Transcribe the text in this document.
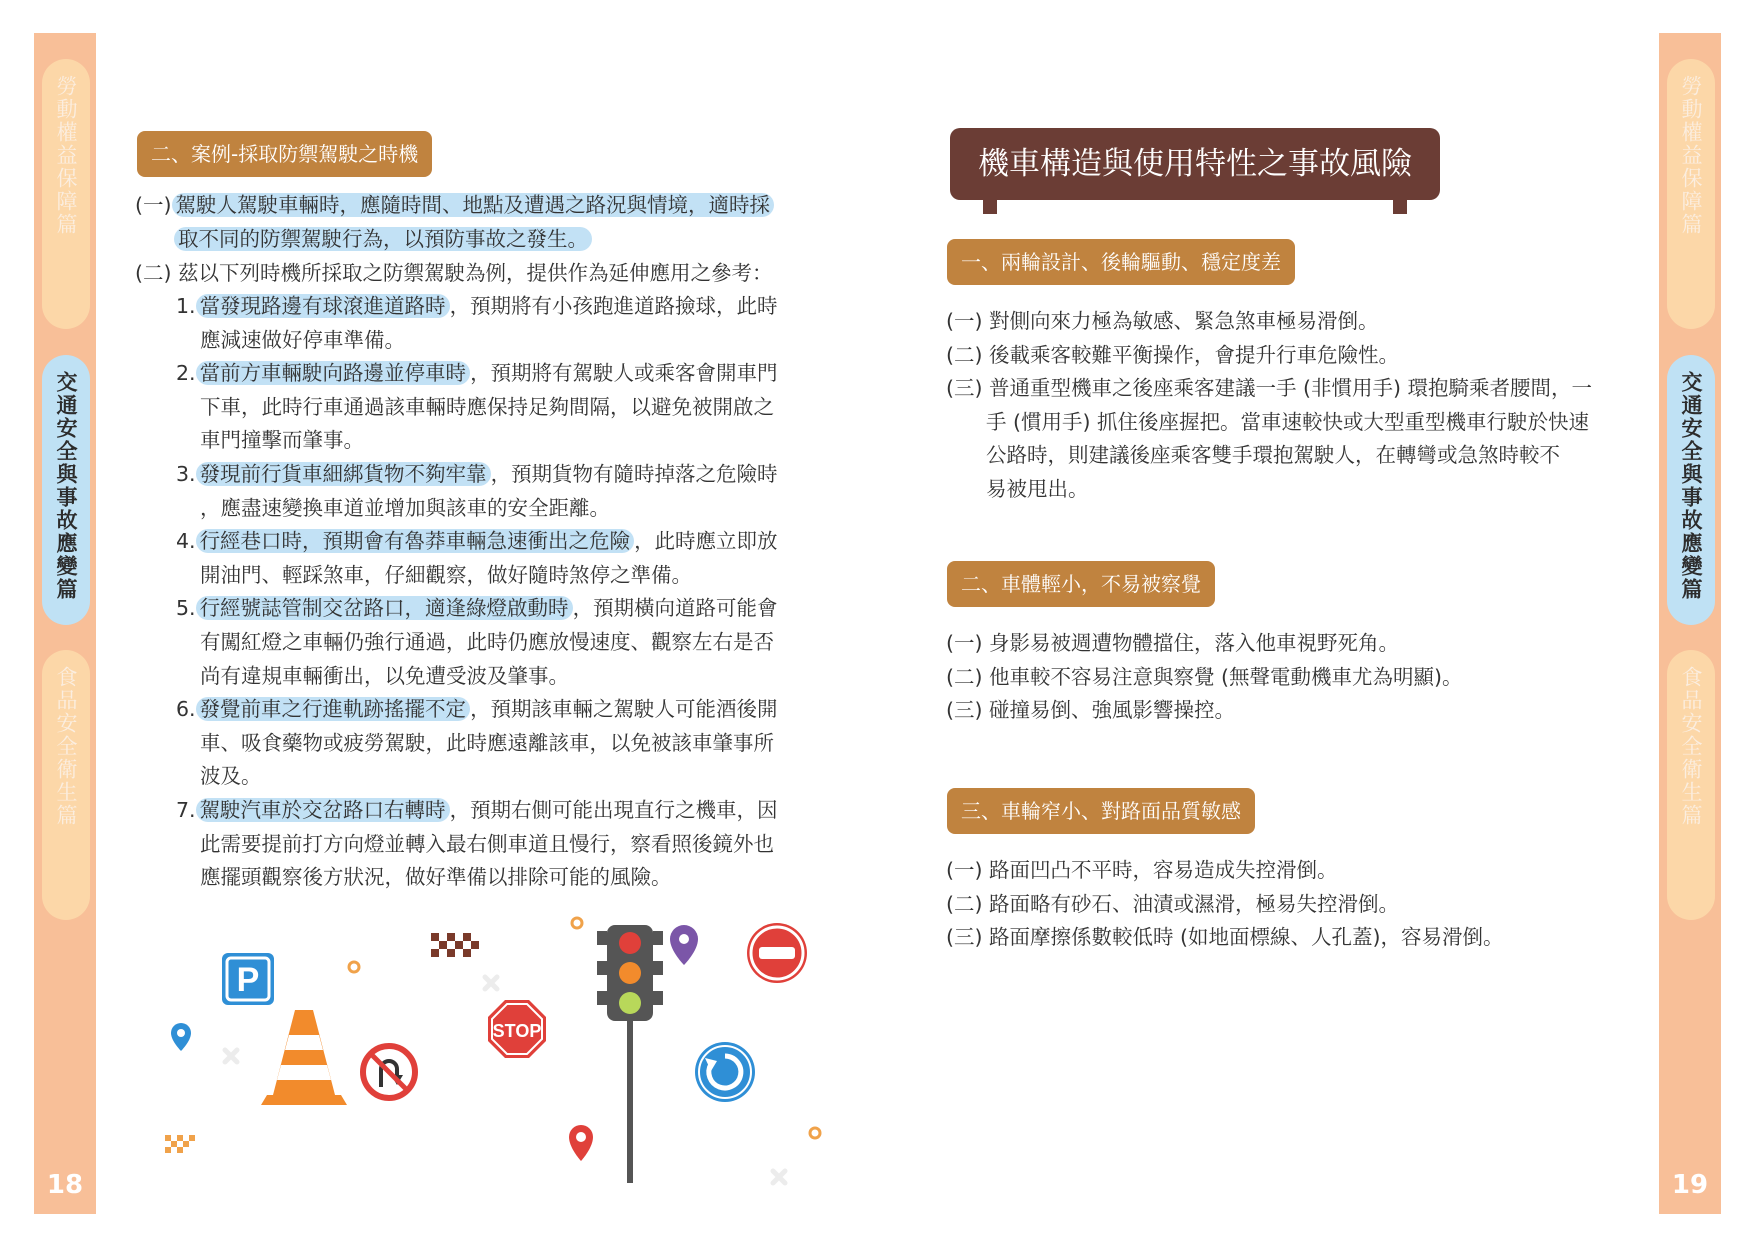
勞動權益保障篇
交通安全與事故應變篇
食品安全衛生篇
18
勞動權益保障篇
交通安全與事故應變篇
食品安全衛生篇
19
二、案例-採取防禦駕駛之時機
(一) 駕駛人駕駛車輛時，應隨時間、地點及遭遇之路況與情境，適時採
取不同的防禦駕駛行為，以預防事故之發生。
(二) 茲以下列時機所採取之防禦駕駛為例，提供作為延伸應用之參考：
1. 當發現路邊有球滾進道路時 ，預期將有小孩跑進道路撿球，此時
應減速做好停車準備。
2. 當前方車輛駛向路邊並停車時 ，預期將有駕駛人或乘客會開車門
下車，此時行車通過該車輛時應保持足夠間隔，以避免被開啟之
車門撞擊而肇事。
3. 發現前行貨車細綁貨物不夠牢靠 ，預期貨物有隨時掉落之危險時
，應盡速變換車道並增加與該車的安全距離。
4. 行經巷口時，預期會有魯莽車輛急速衝出之危險 ，此時應立即放
開油門、輕踩煞車，仔細觀察，做好隨時煞停之準備。
5. 行經號誌管制交岔路口，適逢綠燈啟動時 ，預期橫向道路可能會
有闖紅燈之車輛仍強行通過，此時仍應放慢速度、觀察左右是否
尚有違規車輛衝出，以免遭受波及肇事。
6. 發覺前車之行進軌跡搖擺不定 ，預期該車輛之駕駛人可能酒後開
車、吸食藥物或疲勞駕駛，此時應遠離該車，以免被該車肇事所
波及。
7. 駕駛汽車於交岔路口右轉時 ，預期右側可能出現直行之機車，因
此需要提前打方向燈並轉入最右側車道且慢行，察看照後鏡外也
應擺頭觀察後方狀況，做好準備以排除可能的風險。
P
STOP
機車構造與使用特性之事故風險
一、兩輪設計、後輪驅動、穩定度差
(一) 對側向來力極為敏感、緊急煞車極易滑倒。
(二) 後載乘客較難平衡操作，會提升行車危險性。
(三) 普通重型機車之後座乘客建議一手 (非慣用手) 環抱騎乘者腰間，一
手 (慣用手) 抓住後座握把。當車速較快或大型重型機車行駛於快速
公路時，則建議後座乘客雙手環抱駕駛人，在轉彎或急煞時較不
易被甩出。
二、車體輕小，不易被察覺
(一) 身影易被週遭物體擋住，落入他車視野死角。
(二) 他車較不容易注意與察覺 (無聲電動機車尤為明顯)。
(三) 碰撞易倒、強風影響操控。
三、車輪窄小、對路面品質敏感
(一) 路面凹凸不平時，容易造成失控滑倒。
(二) 路面略有砂石、油漬或濕滑，極易失控滑倒。
(三) 路面摩擦係數較低時 (如地面標線、人孔蓋)，容易滑倒。
